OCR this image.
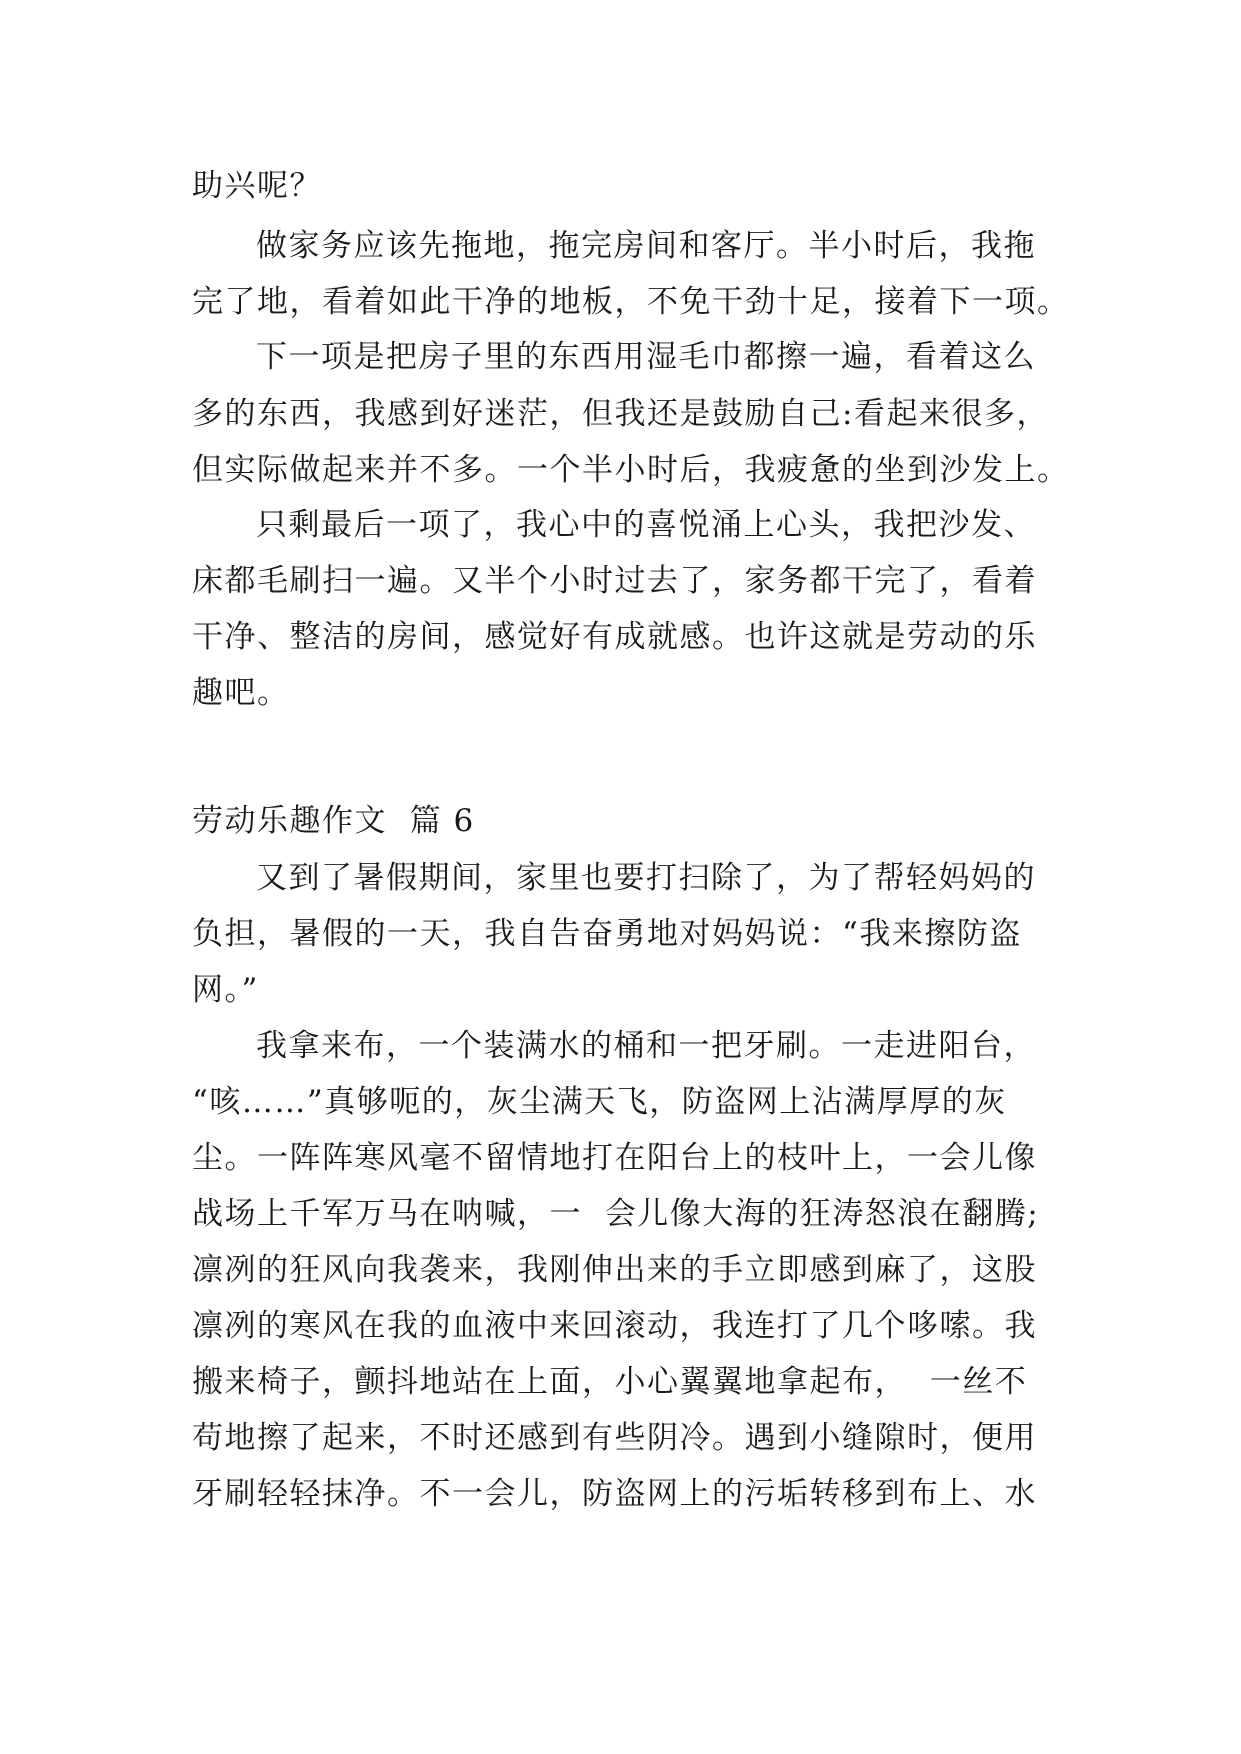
助兴呢？
做家务应该先拖地，拖完房间和客厅。半小时后，我拖
完了地，看着如此干净的地板，不免干劲十足，接着下一项。
下一项是把房子里的东西用湿毛巾都擦一遍，看着这么
多的东西，我感到好迷茫，但我还是鼓励自己:看起来很多，
但实际做起来并不多。一个半小时后，我疲惫的坐到沙发上。
只剩最后一项了，我心中的喜悦涌上心头，我把沙发、
床都毛刷扫一遍。又半个小时过去了，家务都干完了，看着
干净、整洁的房间，感觉好有成就感。也许这就是劳动的乐
趣吧。
劳动乐趣作文  篇 6
又到了暑假期间，家里也要打扫除了，为了帮轻妈妈的
负担，暑假的一天，我自告奋勇地对妈妈说：“我来擦防盗
网。”
我拿来布，一个装满水的桶和一把牙刷。一走进阳台，
“咳……”真够呃的，灰尘满天飞，防盗网上沾满厚厚的灰
尘。一阵阵寒风毫不留情地打在阳台上的枝叶上，一会儿像
战场上千军万马在呐喊，一  会儿像大海的狂涛怒浪在翻腾;
凛冽的狂风向我袭来，我刚伸出来的手立即感到麻了，这股
凛冽的寒风在我的血液中来回滚动，我连打了几个哆嗦。我
搬来椅子，颤抖地站在上面，小心翼翼地拿起布，  一丝不
苟地擦了起来，不时还感到有些阴冷。遇到小缝隙时，便用
牙刷轻轻抹净。不一会儿，防盗网上的污垢转移到布上、水
